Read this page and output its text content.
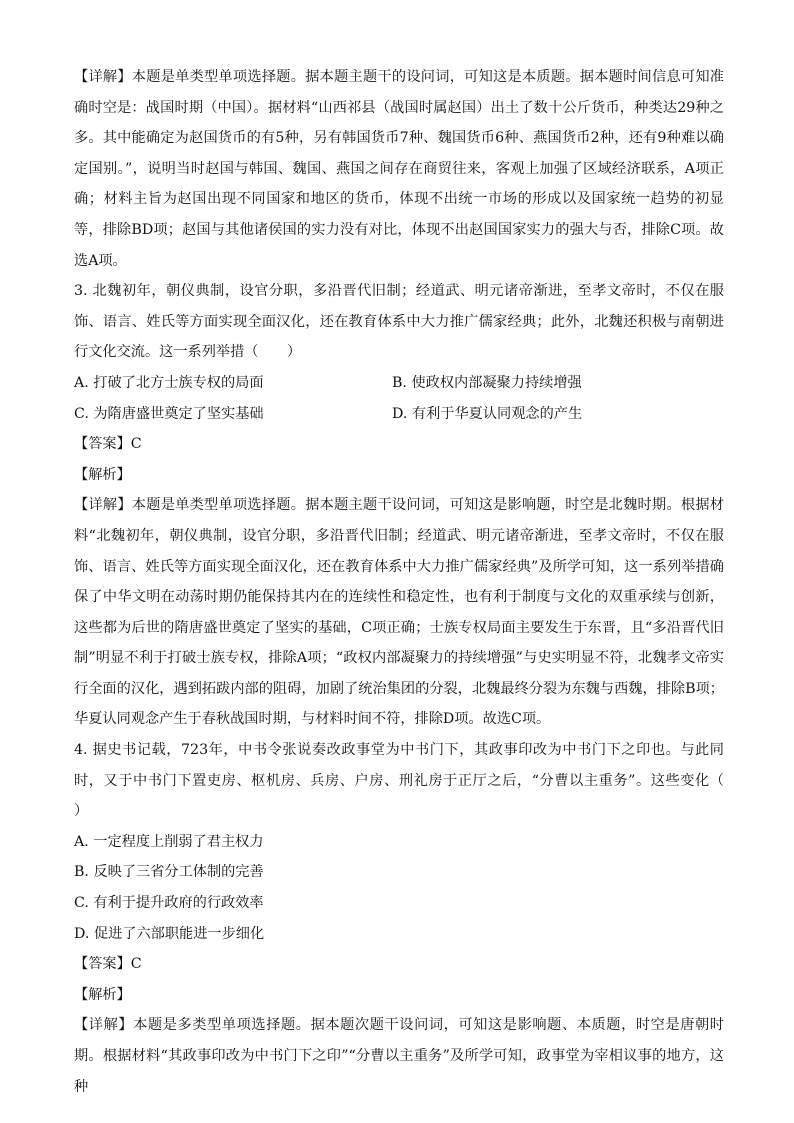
【详解】本题是单类型单项选择题。据本题主题干的设问词，可知这是本质题。据本题时间信息可知准确时空是：战国时期（中国）。据材料“山西祁县（战国时属赵国）出土了数十公斤货币，种类达29种之多。其中能确定为赵国货币的有5种，另有韩国货币7种、魏国货币6种、燕国货币2种，还有9种难以确定国别。”，说明当时赵国与韩国、魏国、燕国之间存在商贸往来，客观上加强了区域经济联系，A项正确；材料主旨为赵国出现不同国家和地区的货币，体现不出统一市场的形成以及国家统一趋势的初显等，排除BD项；赵国与其他诸侯国的实力没有对比，体现不出赵国国家实力的强大与否，排除C项。故选A项。

3. 北魏初年，朝仪典制，设官分职，多沿晋代旧制；经道武、明元诸帝渐进，至孝文帝时，不仅在服饰、语言、姓氏等方面实现全面汉化，还在教育体系中大力推广儒家经典；此外，北魏还积极与南朝进行文化交流。这一系列举措（　　）

A. 打破了北方士族专权的局面	B. 使政权内部凝聚力持续增强
C. 为隋唐盛世奠定了坚实基础	D. 有利于华夏认同观念的产生

【答案】C

【解析】

【详解】本题是单类型单项选择题。据本题主题干设问词，可知这是影响题，时空是北魏时期。根据材料“北魏初年，朝仪典制，设官分职，多沿晋代旧制；经道武、明元诸帝渐进，至孝文帝时，不仅在服饰、语言、姓氏等方面实现全面汉化，还在教育体系中大力推广儒家经典”及所学可知，这一系列举措确保了中华文明在动荡时期仍能保持其内在的连续性和稳定性，也有利于制度与文化的双重承续与创新，这些都为后世的隋唐盛世奠定了坚实的基础，C项正确；士族专权局面主要发生于东晋，且“多沿晋代旧制”明显不利于打破士族专权，排除A项；“政权内部凝聚力的持续增强”与史实明显不符，北魏孝文帝实行全面的汉化，遇到拓跋内部的阻碍，加剧了统治集团的分裂，北魏最终分裂为东魏与西魏，排除B项；华夏认同观念产生于春秋战国时期，与材料时间不符，排除D项。故选C项。

4. 据史书记载，723年，中书令张说奏改政事堂为中书门下，其政事印改为中书门下之印也。与此同时，又于中书门下置吏房、枢机房、兵房、户房、刑礼房于正厅之后，“分曹以主重务”。这些变化（　　）

A. 一定程度上削弱了君主权力
B. 反映了三省分工体制的完善
C. 有利于提升政府的行政效率
D. 促进了六部职能进一步细化

【答案】C

【解析】

【详解】本题是多类型单项选择题。据本题次题干设问词，可知这是影响题、本质题，时空是唐朝时期。根据材料“其政事印改为中书门下之印”“分曹以主重务”及所学可知，政事堂为宰相议事的地方，这种
